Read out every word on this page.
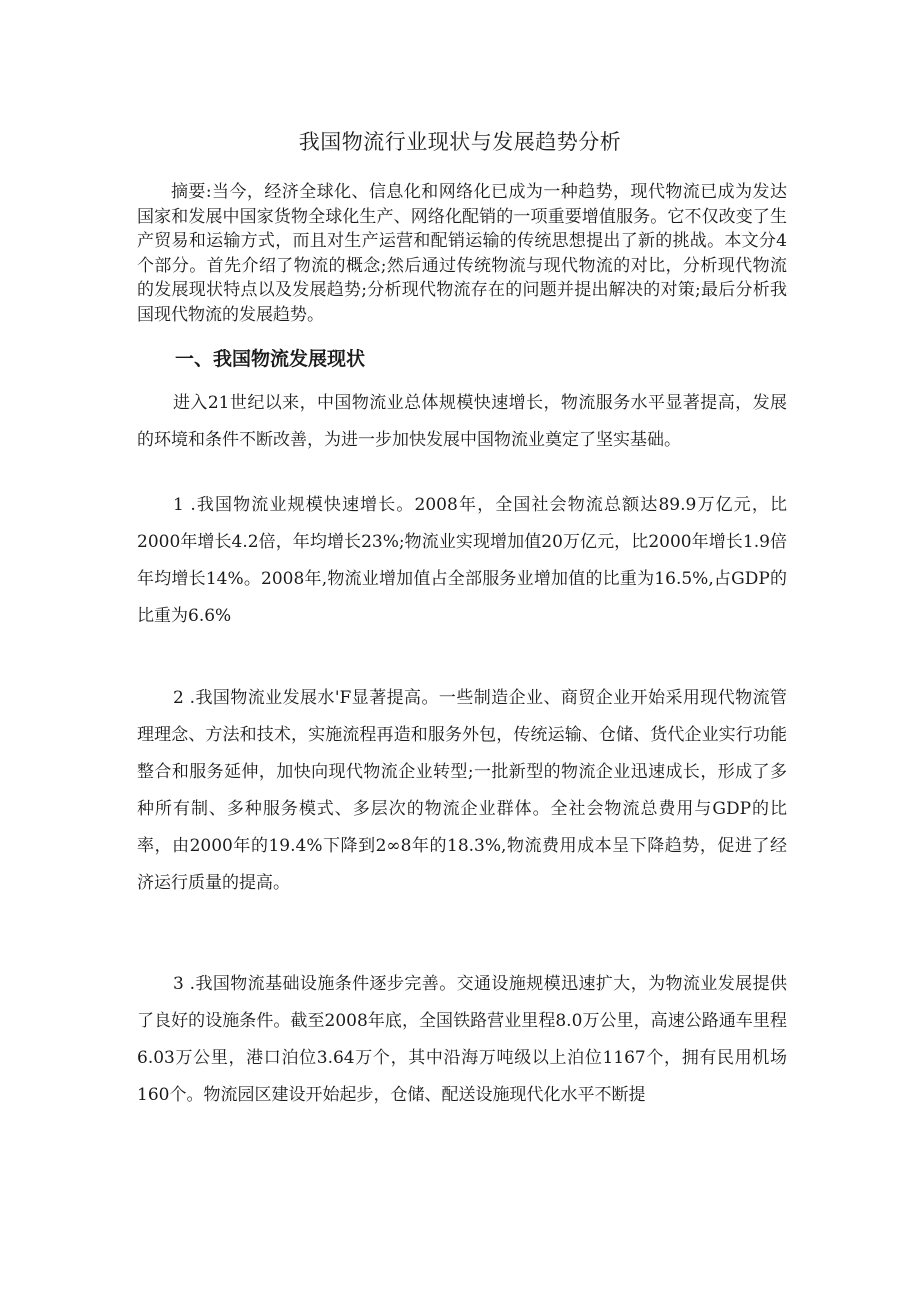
我国物流行业现状与发展趋势分析

摘要:当今，经济全球化、信息化和网络化已成为一种趋势，现代物流已成为发达国家和发展中国家货物全球化生产、网络化配销的一项重要增值服务。它不仅改变了生产贸易和运输方式，而且对生产运营和配销运输的传统思想提出了新的挑战。本文分4个部分。首先介绍了物流的概念;然后通过传统物流与现代物流的对比，分析现代物流的发展现状特点以及发展趋势;分析现代物流存在的问题并提出解决的对策;最后分析我国现代物流的发展趋势。

一、我国物流发展现状

进入21世纪以来，中国物流业总体规模快速增长，物流服务水平显著提高，发展的环境和条件不断改善，为进一步加快发展中国物流业奠定了坚实基础。

1 .我国物流业规模快速增长。2008年，全国社会物流总额达89.9万亿元，比2000年增长4.2倍，年均增长23%;物流业实现增加值20万亿元，比2000年增长1.9倍年均增长14%。2008年,物流业增加值占全部服务业增加值的比重为16.5%,占GDP的比重为6.6%

2 .我国物流业发展水'F显著提高。一些制造企业、商贸企业开始采用现代物流管理理念、方法和技术，实施流程再造和服务外包，传统运输、仓储、货代企业实行功能整合和服务延伸，加快向现代物流企业转型;一批新型的物流企业迅速成长，形成了多种所有制、多种服务模式、多层次的物流企业群体。全社会物流总费用与GDP的比率，由2000年的19.4%下降到2∞8年的18.3%,物流费用成本呈下降趋势，促进了经济运行质量的提高。

3 .我国物流基础设施条件逐步完善。交通设施规模迅速扩大，为物流业发展提供了良好的设施条件。截至2008年底，全国铁路营业里程8.0万公里，高速公路通车里程6.03万公里，港口泊位3.64万个，其中沿海万吨级以上泊位1167个，拥有民用机场160个。物流园区建设开始起步，仓储、配送设施现代化水平不断提
